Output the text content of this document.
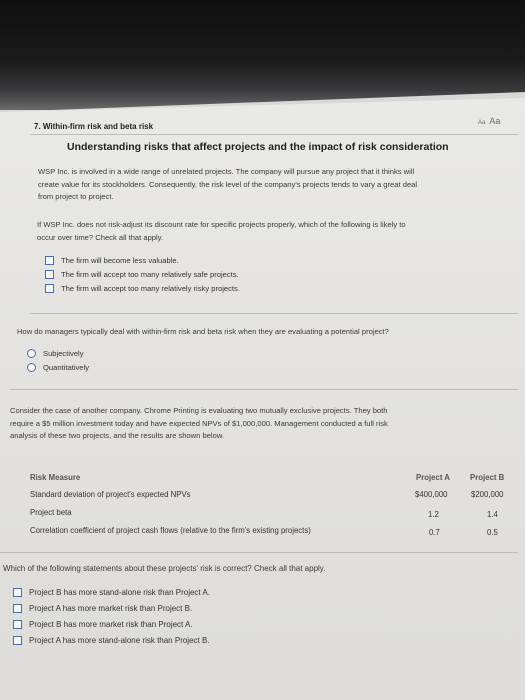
7. Within-firm risk and beta risk	Aa Aa
Understanding risks that affect projects and the impact of risk consideration
WSP Inc. is involved in a wide range of unrelated projects. The company will pursue any project that it thinks will
create value for its stockholders. Consequently, the risk level of the company's projects tends to vary a great deal
from project to project.
If WSP Inc. does not risk-adjust its discount rate for specific projects properly, which of the following is likely to
occur over time? Check all that apply.
The firm will become less valuable.
The firm will accept too many relatively safe projects.
The firm will accept too many relatively risky projects.
How do managers typically deal with within-firm risk and beta risk when they are evaluating a potential project?
Subjectively
Quantitatively
Consider the case of another company. Chrome Printing is evaluating two mutually exclusive projects. They both
require a $5 million investment today and have expected NPVs of $1,000,000. Management conducted a full risk
analysis of these two projects, and the results are shown below.
Risk Measure	Project A	Project B
Standard deviation of project's expected NPVs	$400,000	$200,000
Project beta	1.2	1.4
Correlation coefficient of project cash flows (relative to the firm's existing projects)	0.7	0.5
Which of the following statements about these projects' risk is correct? Check all that apply.
Project B has more stand-alone risk than Project A.
Project A has more market risk than Project B.
Project B has more market risk than Project A.
Project A has more stand-alone risk than Project B.
